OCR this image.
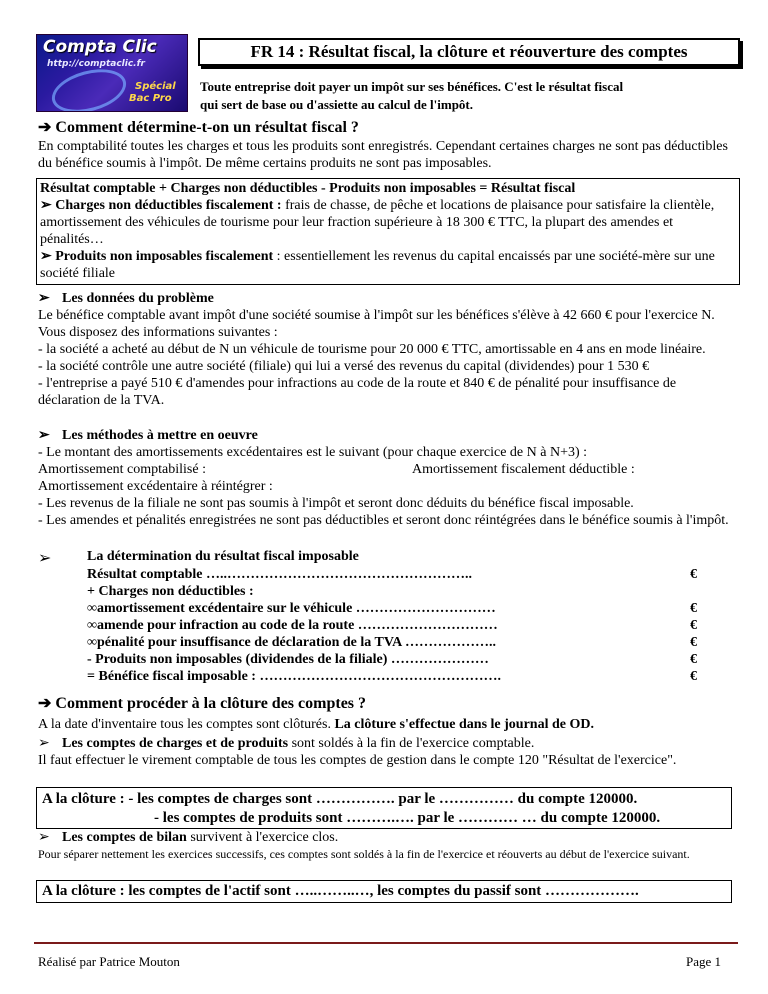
Compta Clic
http://comptaclic.fr
Spécial
Bac Pro
FR 14 : Résultat fiscal, la clôture et réouverture des comptes
Toute entreprise doit payer un impôt sur ses bénéfices. C'est le résultat fiscal
qui sert de base ou d'assiette au calcul de l'impôt.
➔ Comment détermine-t-on un résultat fiscal ?
En comptabilité toutes les charges et tous les produits sont enregistrés. Cependant certaines charges ne sont pas déductibles du bénéfice soumis à l'impôt. De même certains produits ne sont pas imposables.
Résultat comptable + Charges non déductibles - Produits non imposables = Résultat fiscal
➢ Charges non déductibles fiscalement : frais de chasse, de pêche et locations de plaisance pour satisfaire la clientèle, amortissement des véhicules de tourisme pour leur fraction supérieure à 18 300 € TTC, la plupart des amendes et pénalités…
➢ Produits non imposables fiscalement : essentiellement les revenus du capital encaissés par une société-mère sur une société filiale
➢ Les données du problème
Le bénéfice comptable avant impôt d'une société soumise à l'impôt sur les bénéfices s'élève à 42 660 € pour l'exercice N. Vous disposez des informations suivantes :
- la société a acheté au début de N un véhicule de tourisme pour 20 000 € TTC, amortissable en 4 ans en mode linéaire.
- la société contrôle une autre société (filiale) qui lui a versé des revenus du capital (dividendes) pour 1 530 €
- l'entreprise a payé 510 € d'amendes pour infractions au code de la route et 840 € de pénalité pour insuffisance de déclaration de la TVA.
➢ Les méthodes à mettre en oeuvre
- Le montant des amortissements excédentaires est le suivant (pour chaque exercice de N à N+3) :
Amortissement comptabilisé :	Amortissement fiscalement déductible :
Amortissement excédentaire à réintégrer :
- Les revenus de la filiale ne sont pas soumis à l'impôt et seront donc déduits du bénéfice fiscal imposable.
- Les amendes et pénalités enregistrées ne sont pas déductibles et seront donc réintégrées dans le bénéfice soumis à l'impôt.
➢	La détermination du résultat fiscal imposable
Résultat comptable …..……………………………………………..	€
+ Charges non déductibles :
∞amortissement excédentaire sur le véhicule …………………………	€
∞amende pour infraction au code de la route …………………………	€
∞pénalité pour insuffisance de déclaration de la TVA ………………..	€
- Produits non imposables (dividendes de la filiale) …………………	€
= Bénéfice fiscal imposable : …………………………………………….	€
➔ Comment procéder à la clôture des comptes ?
A la date d'inventaire tous les comptes sont clôturés. La clôture s'effectue dans le journal de OD.
➢ Les comptes de charges et de produits sont soldés à la fin de l'exercice comptable.
Il faut effectuer le virement comptable de tous les comptes de gestion dans le compte 120 "Résultat de l'exercice".
A la clôture : - les comptes de charges sont ……………. par le …………… du compte 120000.
- les comptes de produits sont ……….…. par le ………… … du compte 120000.
➢ Les comptes de bilan survivent à l'exercice clos.
Pour séparer nettement les exercices successifs, ces comptes sont soldés à la fin de l'exercice et réouverts au début de l'exercice suivant.
A la clôture : les comptes de l'actif sont …..……..…, les comptes du passif sont ……………….
Réalisé par Patrice Mouton	Page 1
